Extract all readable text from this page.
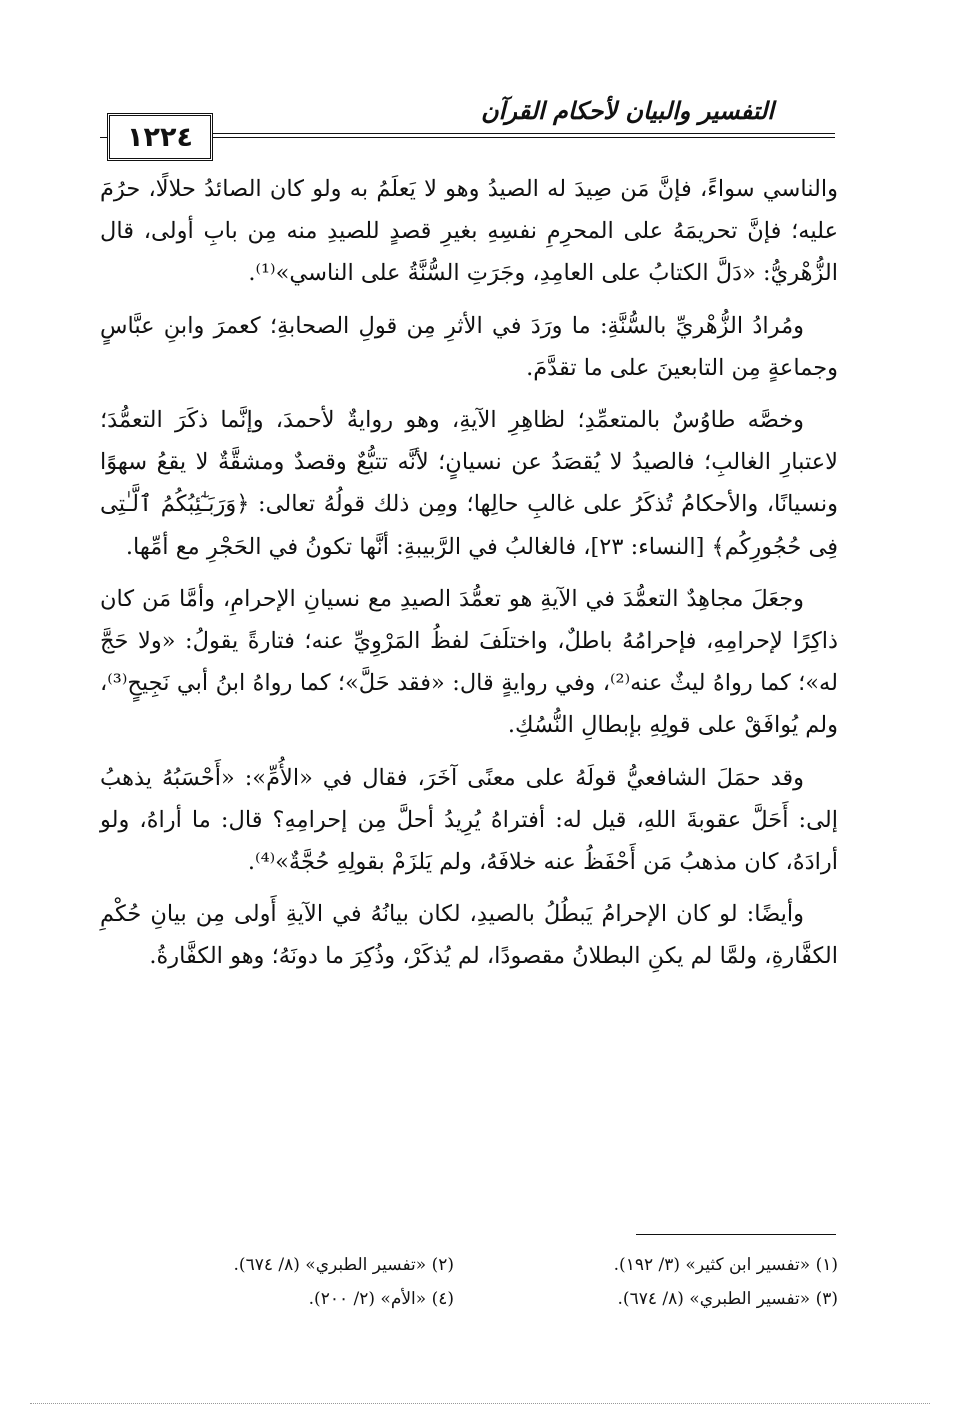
التفسير والبيان لأحكام القرآن
١٢٢٤

والناسي سواءً، فإنَّ مَن صِيدَ له الصيدُ وهو لا يَعلَمُ به ولو كان الصائدُ حلالًا، حرُمَ عليه؛ فإنَّ تحريمَهُ على المحرِمِ نفسِهِ بغيرِ قصدٍ للصيدِ منه مِن بابِ أولى، قال الزُّهْريُّ: «دَلَّ الكتابُ على العامِدِ، وجَرَتِ السُّنَّةُ على الناسي»⁽¹⁾.

ومُرادُ الزُّهْريِّ بالسُّنَّةِ: ما ورَدَ في الأثرِ مِن قولِ الصحابةِ؛ كعمرَ وابنِ عبَّاسٍ وجماعةٍ مِن التابعينَ على ما تقدَّمَ.

وخصَّه طاوُسٌ بالمتعمِّدِ؛ لظاهِرِ الآيةِ، وهو روايةٌ لأحمدَ، وإنَّما ذكَرَ التعمُّدَ؛ لاعتبارِ الغالبِ؛ فالصيدُ لا يُقصَدُ عن نسيانٍ؛ لأنَّه تتبُّعٌ وقصدٌ ومشقَّةٌ لا يقعُ سهوًا ونسيانًا، والأحكامُ تُذكَرُ على غالبِ حالِها؛ ومِن ذلك قولُهُ تعالى: ﴿وَرَبَـٰٓئِبُكُمُ ٱلَّـٰتِى فِى حُجُورِكُم﴾ [النساء: ٢٣]، فالغالبُ في الرَّبيبةِ: أنَّها تكونُ في الحَجْرِ مع أمِّها.

وجعَلَ مجاهِدٌ التعمُّدَ في الآيةِ هو تعمُّدَ الصيدِ مع نسيانِ الإحرامِ، وأمَّا مَن كان ذاكِرًا لإحرامِهِ، فإحرامُهُ باطلٌ، واختلَفَ لفظُ المَرْوِيِّ عنه؛ فتارةً يقولُ: «ولا حَجَّ له»؛ كما رواهُ ليثٌ عنه⁽²⁾، وفي روايةٍ قال: «فقد حَلَّ»؛ كما رواهُ ابنُ أبي نَجِيحٍ⁽³⁾، ولم يُوافَقْ على قولِهِ بإبطالِ النُّسُكِ.

وقد حمَلَ الشافعيُّ قولَهُ على معنًى آخَرَ، فقال في «الأُمِّ»: «أَحْسَبُهُ يذهبُ إلى: أَحَلَّ عقوبةَ اللهِ، قيل له: أفتراهُ يُرِيدُ أحلَّ مِن إحرامِهِ؟ قال: ما أراهُ، ولو أرادَهُ، كان مذهبُ مَن أَحْفَظُ عنه خلافَهُ، ولم يَلزَمْ بقولِهِ حُجَّةٌ»⁽⁴⁾.

وأيضًا: لو كان الإحرامُ يَبطُلُ بالصيدِ، لكان بيانُهُ في الآيةِ أَولى مِن بيانِ حُكْمِ الكفَّارةِ، ولمَّا لم يكنِ البطلانُ مقصودًا، لم يُذكَرْ، وذُكِرَ ما دونَهُ؛ وهو الكفَّارةُ.

(١) «تفسير ابن كثير» (٣/ ١٩٢).
(٢) «تفسير الطبري» (٨/ ٦٧٤).
(٣) «تفسير الطبري» (٨/ ٦٧٤).
(٤) «الأم» (٢/ ٢٠٠).
